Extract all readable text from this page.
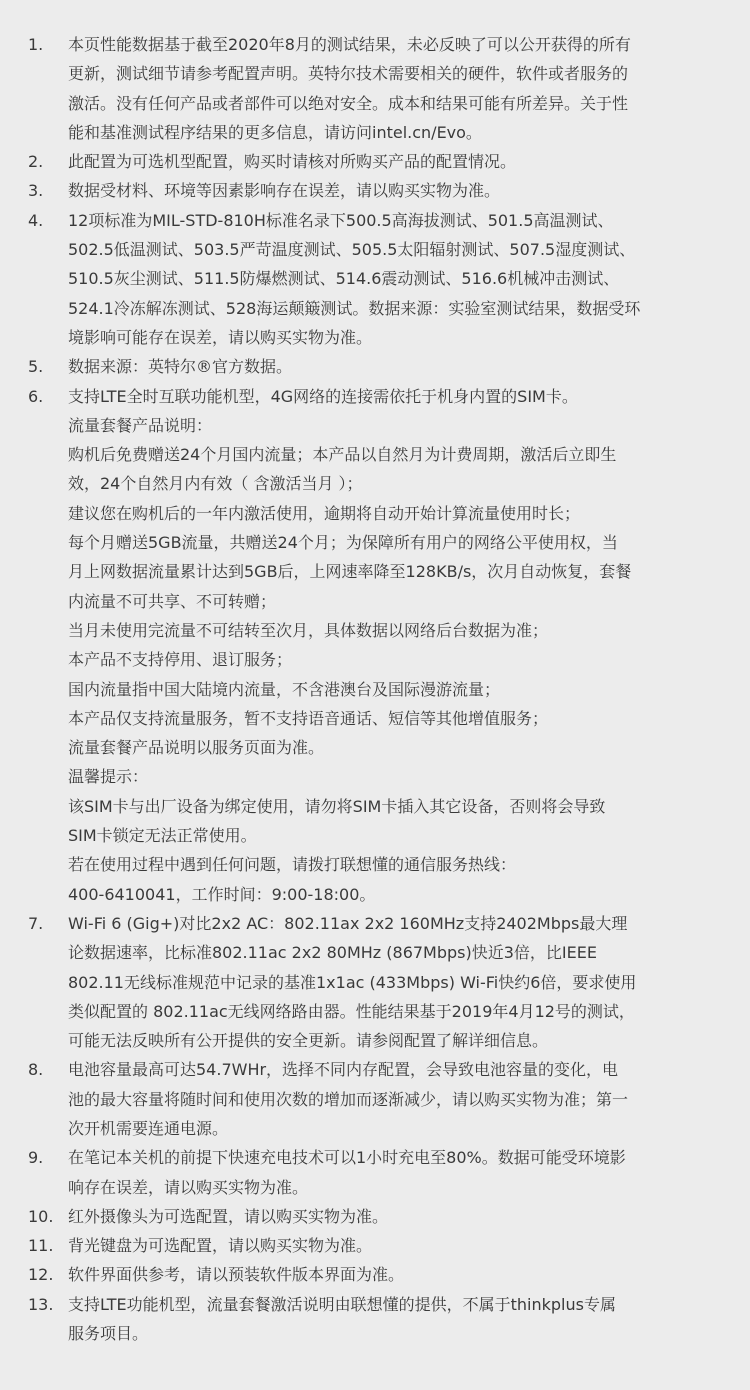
1.	本页性能数据基于截至2020年8月的测试结果，未必反映了可以公开获得的所有
更新，测试细节请参考配置声明。英特尔技术需要相关的硬件，软件或者服务的
激活。没有任何产品或者部件可以绝对安全。成本和结果可能有所差异。关于性
能和基准测试程序结果的更多信息，请访问intel.cn/Evo。
2.	此配置为可选机型配置，购买时请核对所购买产品的配置情况。
3.	数据受材料、环境等因素影响存在误差，请以购买实物为准。
4.	12项标准为MIL-STD-810H标准名录下500.5高海拔测试、501.5高温测试、
502.5低温测试、503.5严苛温度测试、505.5太阳辐射测试、507.5湿度测试、
510.5灰尘测试、511.5防爆燃测试、514.6震动测试、516.6机械冲击测试、
524.1冷冻解冻测试、528海运颠簸测试。数据来源：实验室测试结果，数据受环
境影响可能存在误差，请以购买实物为准。
5.	数据来源：英特尔®官方数据。
6.	支持LTE全时互联功能机型，4G网络的连接需依托于机身内置的SIM卡。
流量套餐产品说明：
购机后免费赠送24个月国内流量；本产品以自然月为计费周期，激活后立即生
效，24个自然月内有效（ 含激活当月 ）；
建议您在购机后的一年内激活使用，逾期将自动开始计算流量使用时长；
每个月赠送5GB流量，共赠送24个月；为保障所有用户的网络公平使用权，当
月上网数据流量累计达到5GB后，上网速率降至128KB/s，次月自动恢复，套餐
内流量不可共享、不可转赠；
当月未使用完流量不可结转至次月，具体数据以网络后台数据为准；
本产品不支持停用、退订服务；
国内流量指中国大陆境内流量，不含港澳台及国际漫游流量；
本产品仅支持流量服务，暂不支持语音通话、短信等其他增值服务；
流量套餐产品说明以服务页面为准。
温馨提示：
该SIM卡与出厂设备为绑定使用，请勿将SIM卡插入其它设备，否则将会导致
SIM卡锁定无法正常使用。
若在使用过程中遇到任何问题，请拨打联想懂的通信服务热线：
400-6410041，工作时间：9:00-18:00。
7.	Wi-Fi 6 (Gig+)对比2x2 AC：802.11ax 2x2 160MHz支持2402Mbps最大理
论数据速率，比标准802.11ac 2x2 80MHz (867Mbps)快近3倍，比IEEE
802.11无线标准规范中记录的基准1x1ac (433Mbps) Wi-Fi快约6倍，要求使用
类似配置的 802.11ac无线网络路由器。性能结果基于2019年4月12号的测试，
可能无法反映所有公开提供的安全更新。请参阅配置了解详细信息。
8.	电池容量最高可达54.7WHr，选择不同内存配置，会导致电池容量的变化，电
池的最大容量将随时间和使用次数的增加而逐渐减少，请以购买实物为准；第一
次开机需要连通电源。
9.	在笔记本关机的前提下快速充电技术可以1小时充电至80%。数据可能受环境影
响存在误差，请以购买实物为准。
10. 红外摄像头为可选配置，请以购买实物为准。
11. 背光键盘为可选配置，请以购买实物为准。
12. 软件界面供参考，请以预装软件版本界面为准。
13. 支持LTE功能机型，流量套餐激活说明由联想懂的提供，不属于thinkplus专属
服务项目。
